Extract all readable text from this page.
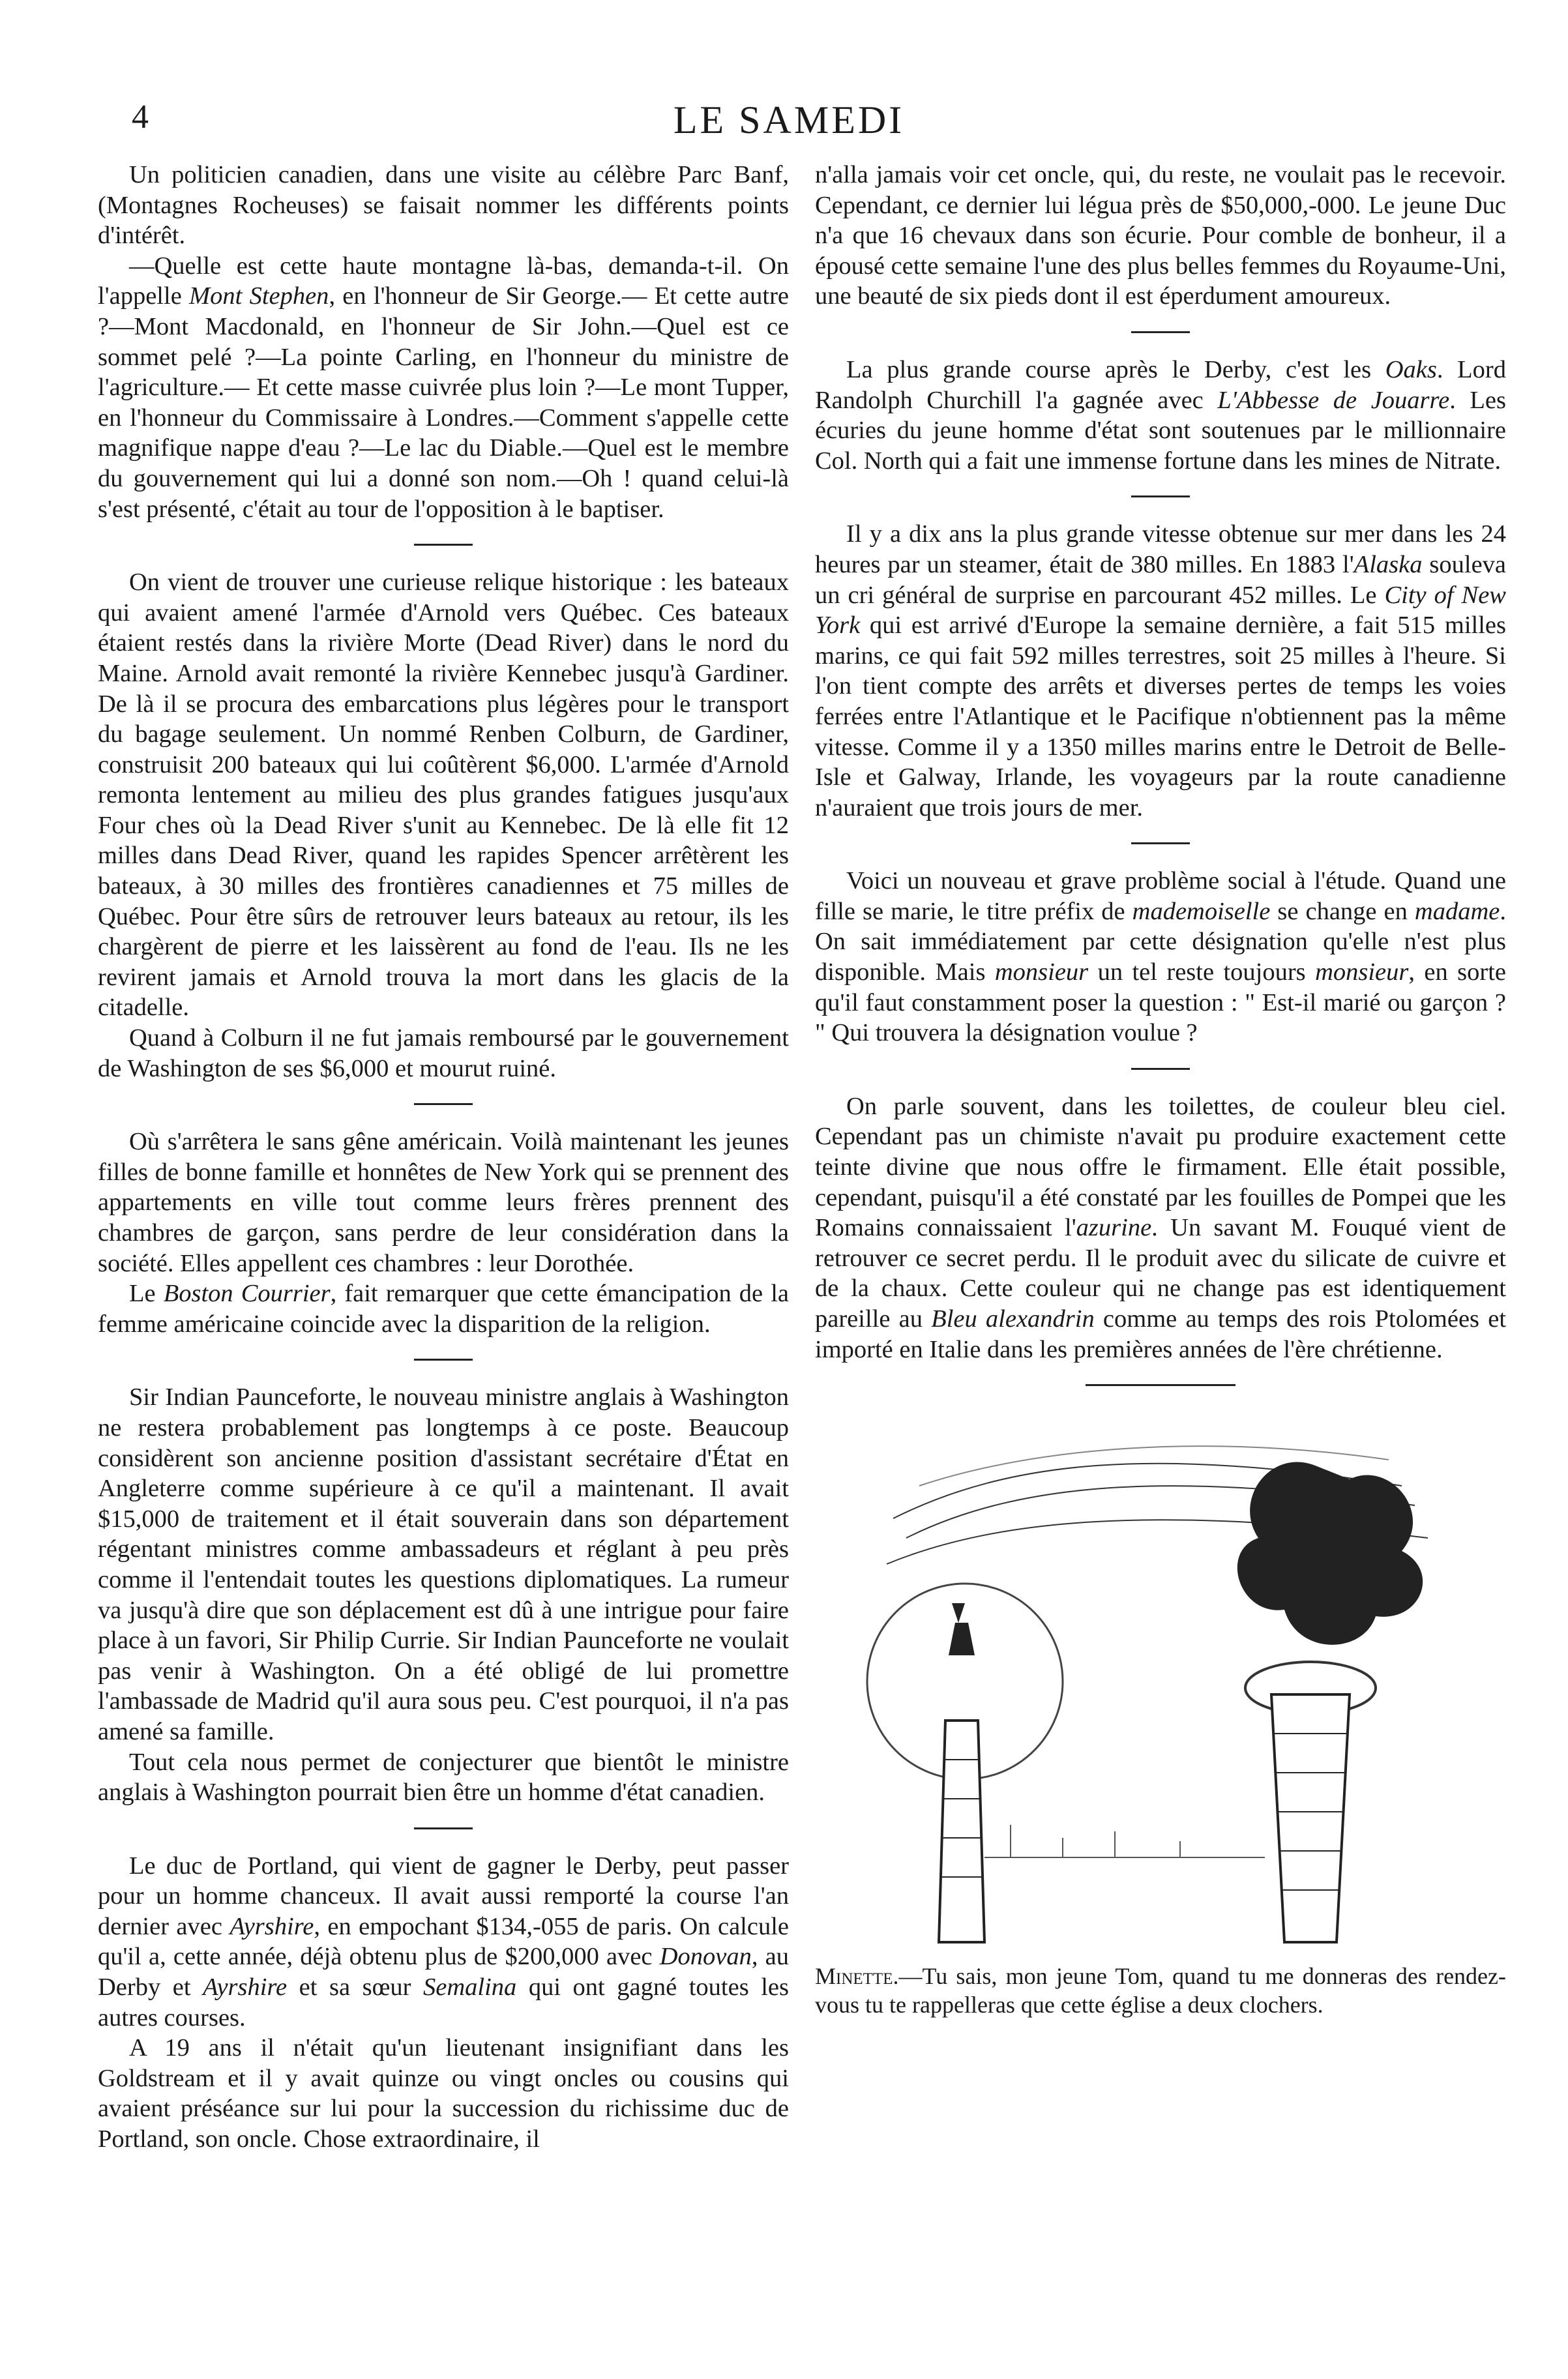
4	LE SAMEDI

Un politicien canadien, dans une visite au célèbre Parc Banf, (Montagnes Rocheuses) se faisait nommer les différents points d'intérêt.

—Quelle est cette haute montagne là-bas, demanda-t-il. On l'appelle Mont Stephen, en l'honneur de Sir George.— Et cette autre ?—Mont Macdonald, en l'honneur de Sir John.—Quel est ce sommet pelé ?—La pointe Carling, en l'honneur du ministre de l'agriculture.— Et cette masse cuivrée plus loin ?—Le mont Tupper, en l'honneur du Commissaire à Londres.—Comment s'appelle cette magnifique nappe d'eau ?—Le lac du Diable.—Quel est le membre du gouvernement qui lui a donné son nom.—Oh ! quand celui-là s'est présenté, c'était au tour de l'opposition à le baptiser.

On vient de trouver une curieuse relique historique : les bateaux qui avaient amené l'armée d'Arnold vers Québec. Ces bateaux étaient restés dans la rivière Morte (Dead River) dans le nord du Maine. Arnold avait remonté la rivière Kennebec jusqu'à Gardiner. De là il se procura des embarcations plus légères pour le transport du bagage seulement. Un nommé Renben Colburn, de Gardiner, construisit 200 bateaux qui lui coûtèrent $6,000. L'armée d'Arnold remonta lentement au milieu des plus grandes fatigues jusqu'aux Four ches où la Dead River s'unit au Kennebec. De là elle fit 12 milles dans Dead River, quand les rapides Spencer arrêtèrent les bateaux, à 30 milles des frontières canadiennes et 75 milles de Québec. Pour être sûrs de retrouver leurs bateaux au retour, ils les chargèrent de pierre et les laissèrent au fond de l'eau. Ils ne les revirent jamais et Arnold trouva la mort dans les glacis de la citadelle.

Quand à Colburn il ne fut jamais remboursé par le gouvernement de Washington de ses $6,000 et mourut ruiné.

Où s'arrêtera le sans gêne américain. Voilà maintenant les jeunes filles de bonne famille et honnêtes de New York qui se prennent des appartements en ville tout comme leurs frères prennent des chambres de garçon, sans perdre de leur considération dans la société. Elles appellent ces chambres : leur Dorothée.

Le Boston Courrier, fait remarquer que cette émancipation de la femme américaine coincide avec la disparition de la religion.

Sir Indian Paunceforte, le nouveau ministre anglais à Washington ne restera probablement pas longtemps à ce poste. Beaucoup considèrent son ancienne position d'assistant secrétaire d'État en Angleterre comme supérieure à ce qu'il a maintenant. Il avait $15,000 de traitement et il était souverain dans son département régentant ministres comme ambassadeurs et réglant à peu près comme il l'entendait toutes les questions diplomatiques. La rumeur va jusqu'à dire que son déplacement est dû à une intrigue pour faire place à un favori, Sir Philip Currie. Sir Indian Paunceforte ne voulait pas venir à Washington. On a été obligé de lui promettre l'ambassade de Madrid qu'il aura sous peu. C'est pourquoi, il n'a pas amené sa famille.

Tout cela nous permet de conjecturer que bientôt le ministre anglais à Washington pourrait bien être un homme d'état canadien.

Le duc de Portland, qui vient de gagner le Derby, peut passer pour un homme chanceux. Il avait aussi remporté la course l'an dernier avec Ayrshire, en empochant $134,-055 de paris. On calcule qu'il a, cette année, déjà obtenu plus de $200,000 avec Donovan, au Derby et Ayrshire et sa sœur Semalina qui ont gagné toutes les autres courses.

A 19 ans il n'était qu'un lieutenant insignifiant dans les Goldstream et il y avait quinze ou vingt oncles ou cousins qui avaient préséance sur lui pour la succession du richissime duc de Portland, son oncle. Chose extraordinaire, il

n'alla jamais voir cet oncle, qui, du reste, ne voulait pas le recevoir. Cependant, ce dernier lui légua près de $50,000,-000. Le jeune Duc n'a que 16 chevaux dans son écurie. Pour comble de bonheur, il a épousé cette semaine l'une des plus belles femmes du Royaume-Uni, une beauté de six pieds dont il est éperdument amoureux.

La plus grande course après le Derby, c'est les Oaks. Lord Randolph Churchill l'a gagnée avec L'Abbesse de Jouarre. Les écuries du jeune homme d'état sont soutenues par le millionnaire Col. North qui a fait une immense fortune dans les mines de Nitrate.

Il y a dix ans la plus grande vitesse obtenue sur mer dans les 24 heures par un steamer, était de 380 milles. En 1883 l'Alaska souleva un cri général de surprise en parcourant 452 milles. Le City of New York qui est arrivé d'Europe la semaine dernière, a fait 515 milles marins, ce qui fait 592 milles terrestres, soit 25 milles à l'heure. Si l'on tient compte des arrêts et diverses pertes de temps les voies ferrées entre l'Atlantique et le Pacifique n'obtiennent pas la même vitesse. Comme il y a 1350 milles marins entre le Detroit de Belle-Isle et Galway, Irlande, les voyageurs par la route canadienne n'auraient que trois jours de mer.

Voici un nouveau et grave problème social à l'étude. Quand une fille se marie, le titre préfix de mademoiselle se change en madame. On sait immédiatement par cette désignation qu'elle n'est plus disponible. Mais monsieur un tel reste toujours monsieur, en sorte qu'il faut constamment poser la question : " Est-il marié ou garçon ? " Qui trouvera la désignation voulue ?

On parle souvent, dans les toilettes, de couleur bleu ciel. Cependant pas un chimiste n'avait pu produire exactement cette teinte divine que nous offre le firmament. Elle était possible, cependant, puisqu'il a été constaté par les fouilles de Pompei que les Romains connaissaient l'azurine. Un savant M. Fouqué vient de retrouver ce secret perdu. Il le produit avec du silicate de cuivre et de la chaux. Cette couleur qui ne change pas est identiquement pareille au Bleu alexandrin comme au temps des rois Ptolomées et importé en Italie dans les premières années de l'ère chrétienne.

Minette.—Tu sais, mon jeune Tom, quand tu me donneras des rendez-vous tu te rappelleras que cette église a deux clochers.
